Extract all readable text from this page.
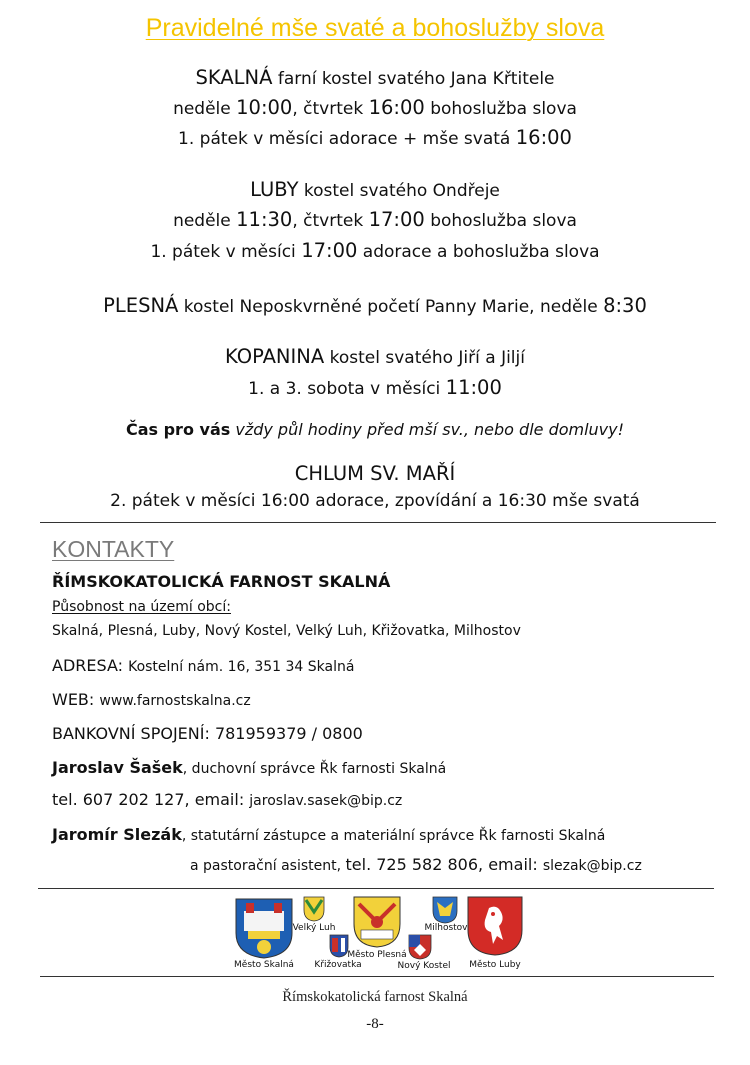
Pravidelné mše svaté a bohoslužby slova
SKALNÁ farní kostel svatého Jana Křtitele
neděle 10:00, čtvrtek 16:00 bohoslužba slova
1. pátek v měsíci adorace + mše svatá 16:00
LUBY kostel svatého Ondřeje
neděle 11:30, čtvrtek 17:00 bohoslužba slova
1. pátek v měsíci 17:00 adorace a bohoslužba slova
PLESNÁ kostel Neposkvrněné početí Panny Marie, neděle 8:30
KOPANINA kostel svatého Jiří a Jiljí
1. a 3. sobota v měsíci 11:00
Čas pro vás vždy půl hodiny před mší sv., nebo dle domluvy!
CHLUM SV. MAŘÍ
2. pátek v měsíci 16:00 adorace, zpovídání a 16:30 mše svatá
KONTAKTY
ŘÍMSKOKATOLICKÁ FARNOST SKALNÁ
Působnost na území obcí:
Skalná, Plesná, Luby, Nový Kostel, Velký Luh, Křižovatka, Milhostov
ADRESA: Kostelní nám. 16, 351 34 Skalná
WEB: www.farnostskalna.cz
BANKOVNÍ SPOJENÍ: 781959379 / 0800
Jaroslav Šašek, duchovní správce Řk farnosti Skalná
tel. 607 202 127, email: jaroslav.sasek@bip.cz
Jaromír Slezák, statutární zástupce a materiální správce Řk farnosti Skalná
a pastorační asistent, tel. 725 582 806, email: slezak@bip.cz
Město Skalná
Velký Luh
Křižovatka
Město Plesná
Milhostov
Nový Kostel	Město Luby
Římskokatolická farnost Skalná
-8-
